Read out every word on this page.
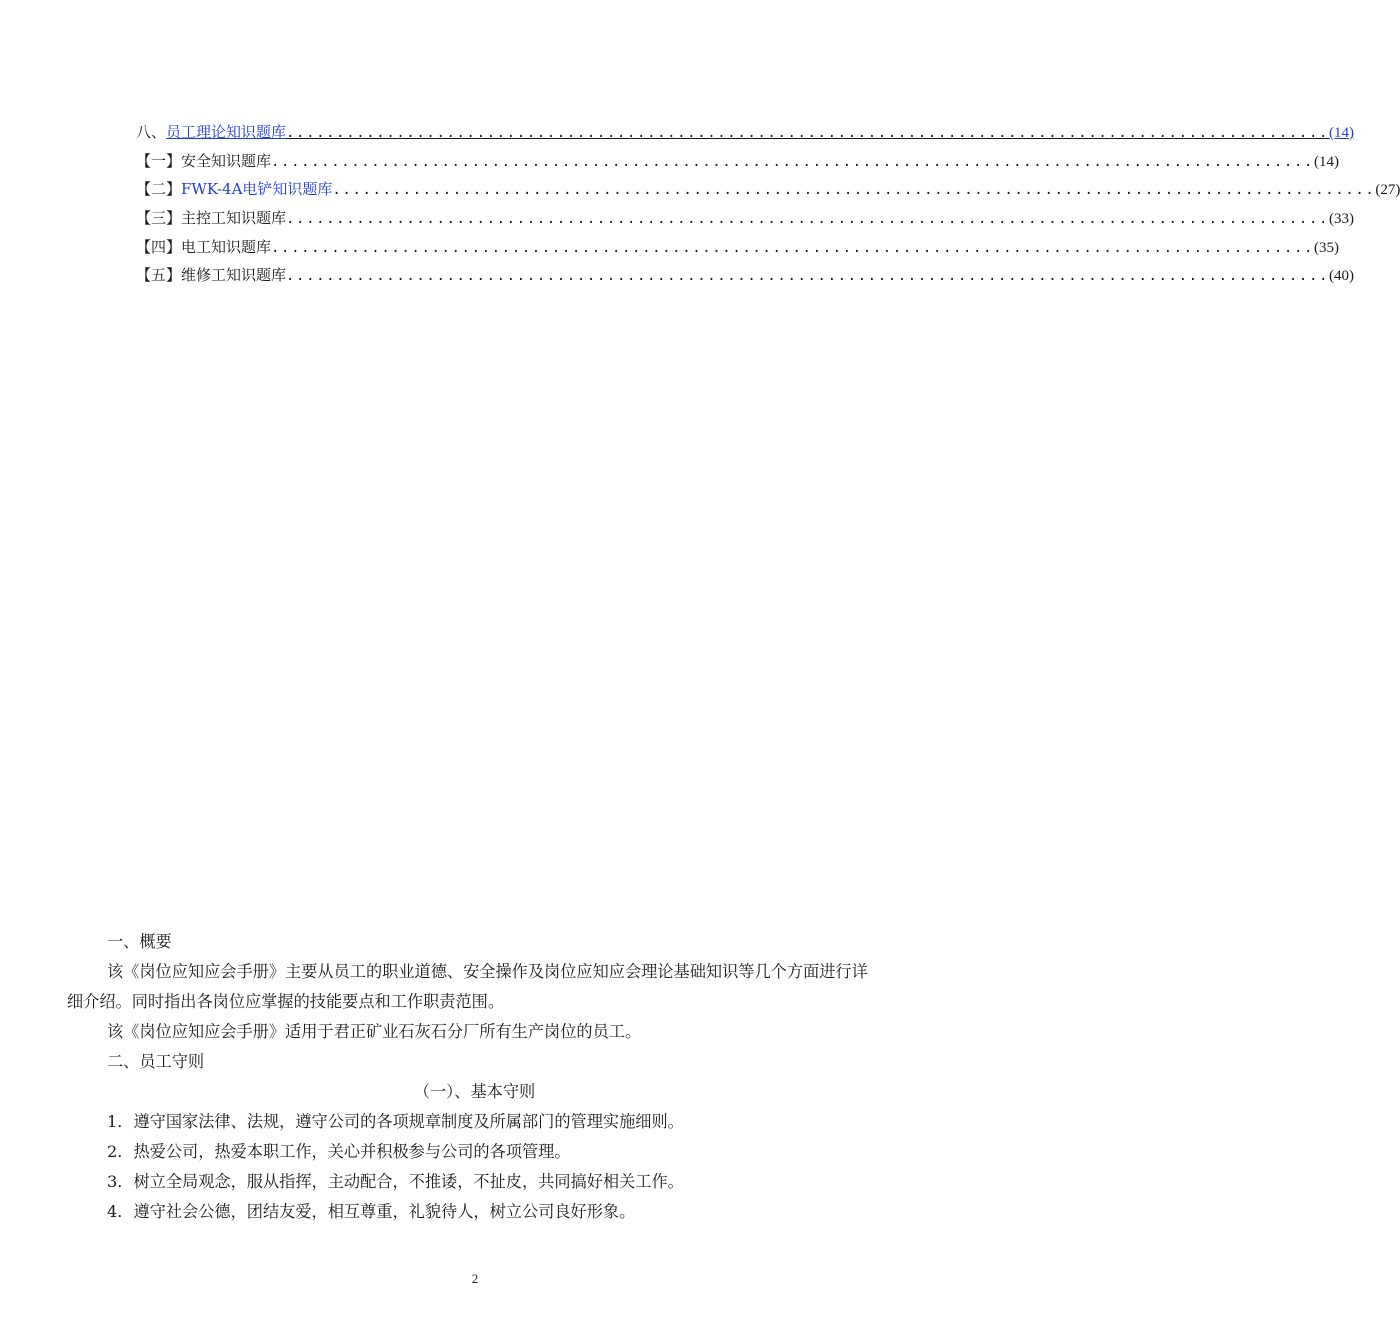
八、 员工理论知识题库 ........................................................................................................ (14)
【一】安全知识题库 ........................................................................................................ (14)
【二】 FWK-4A电铲知识题库 ........................................................................................................ (27)
【三】主控工知识题库 ........................................................................................................ (33)
【四】电工知识题库 ........................................................................................................ (35)
【五】维修工知识题库 ........................................................................................................ (40)

一、概要

该《岗位应知应会手册》主要从员工的职业道德、安全操作及岗位应知应会理论基础知识等几个方面进行详细介绍。同时指出各岗位应掌握的技能要点和工作职责范围。

该《岗位应知应会手册》适用于君正矿业石灰石分厂所有生产岗位的员工。

二、员工守则

（一）、基本守则

1．遵守国家法律、法规，遵守公司的各项规章制度及所属部门的管理实施细则。

2．热爱公司，热爱本职工作，关心并积极参与公司的各项管理。

3．树立全局观念，服从指挥，主动配合，不推诿，不扯皮，共同搞好相关工作。

4．遵守社会公德，团结友爱，相互尊重，礼貌待人，树立公司良好形象。

2
